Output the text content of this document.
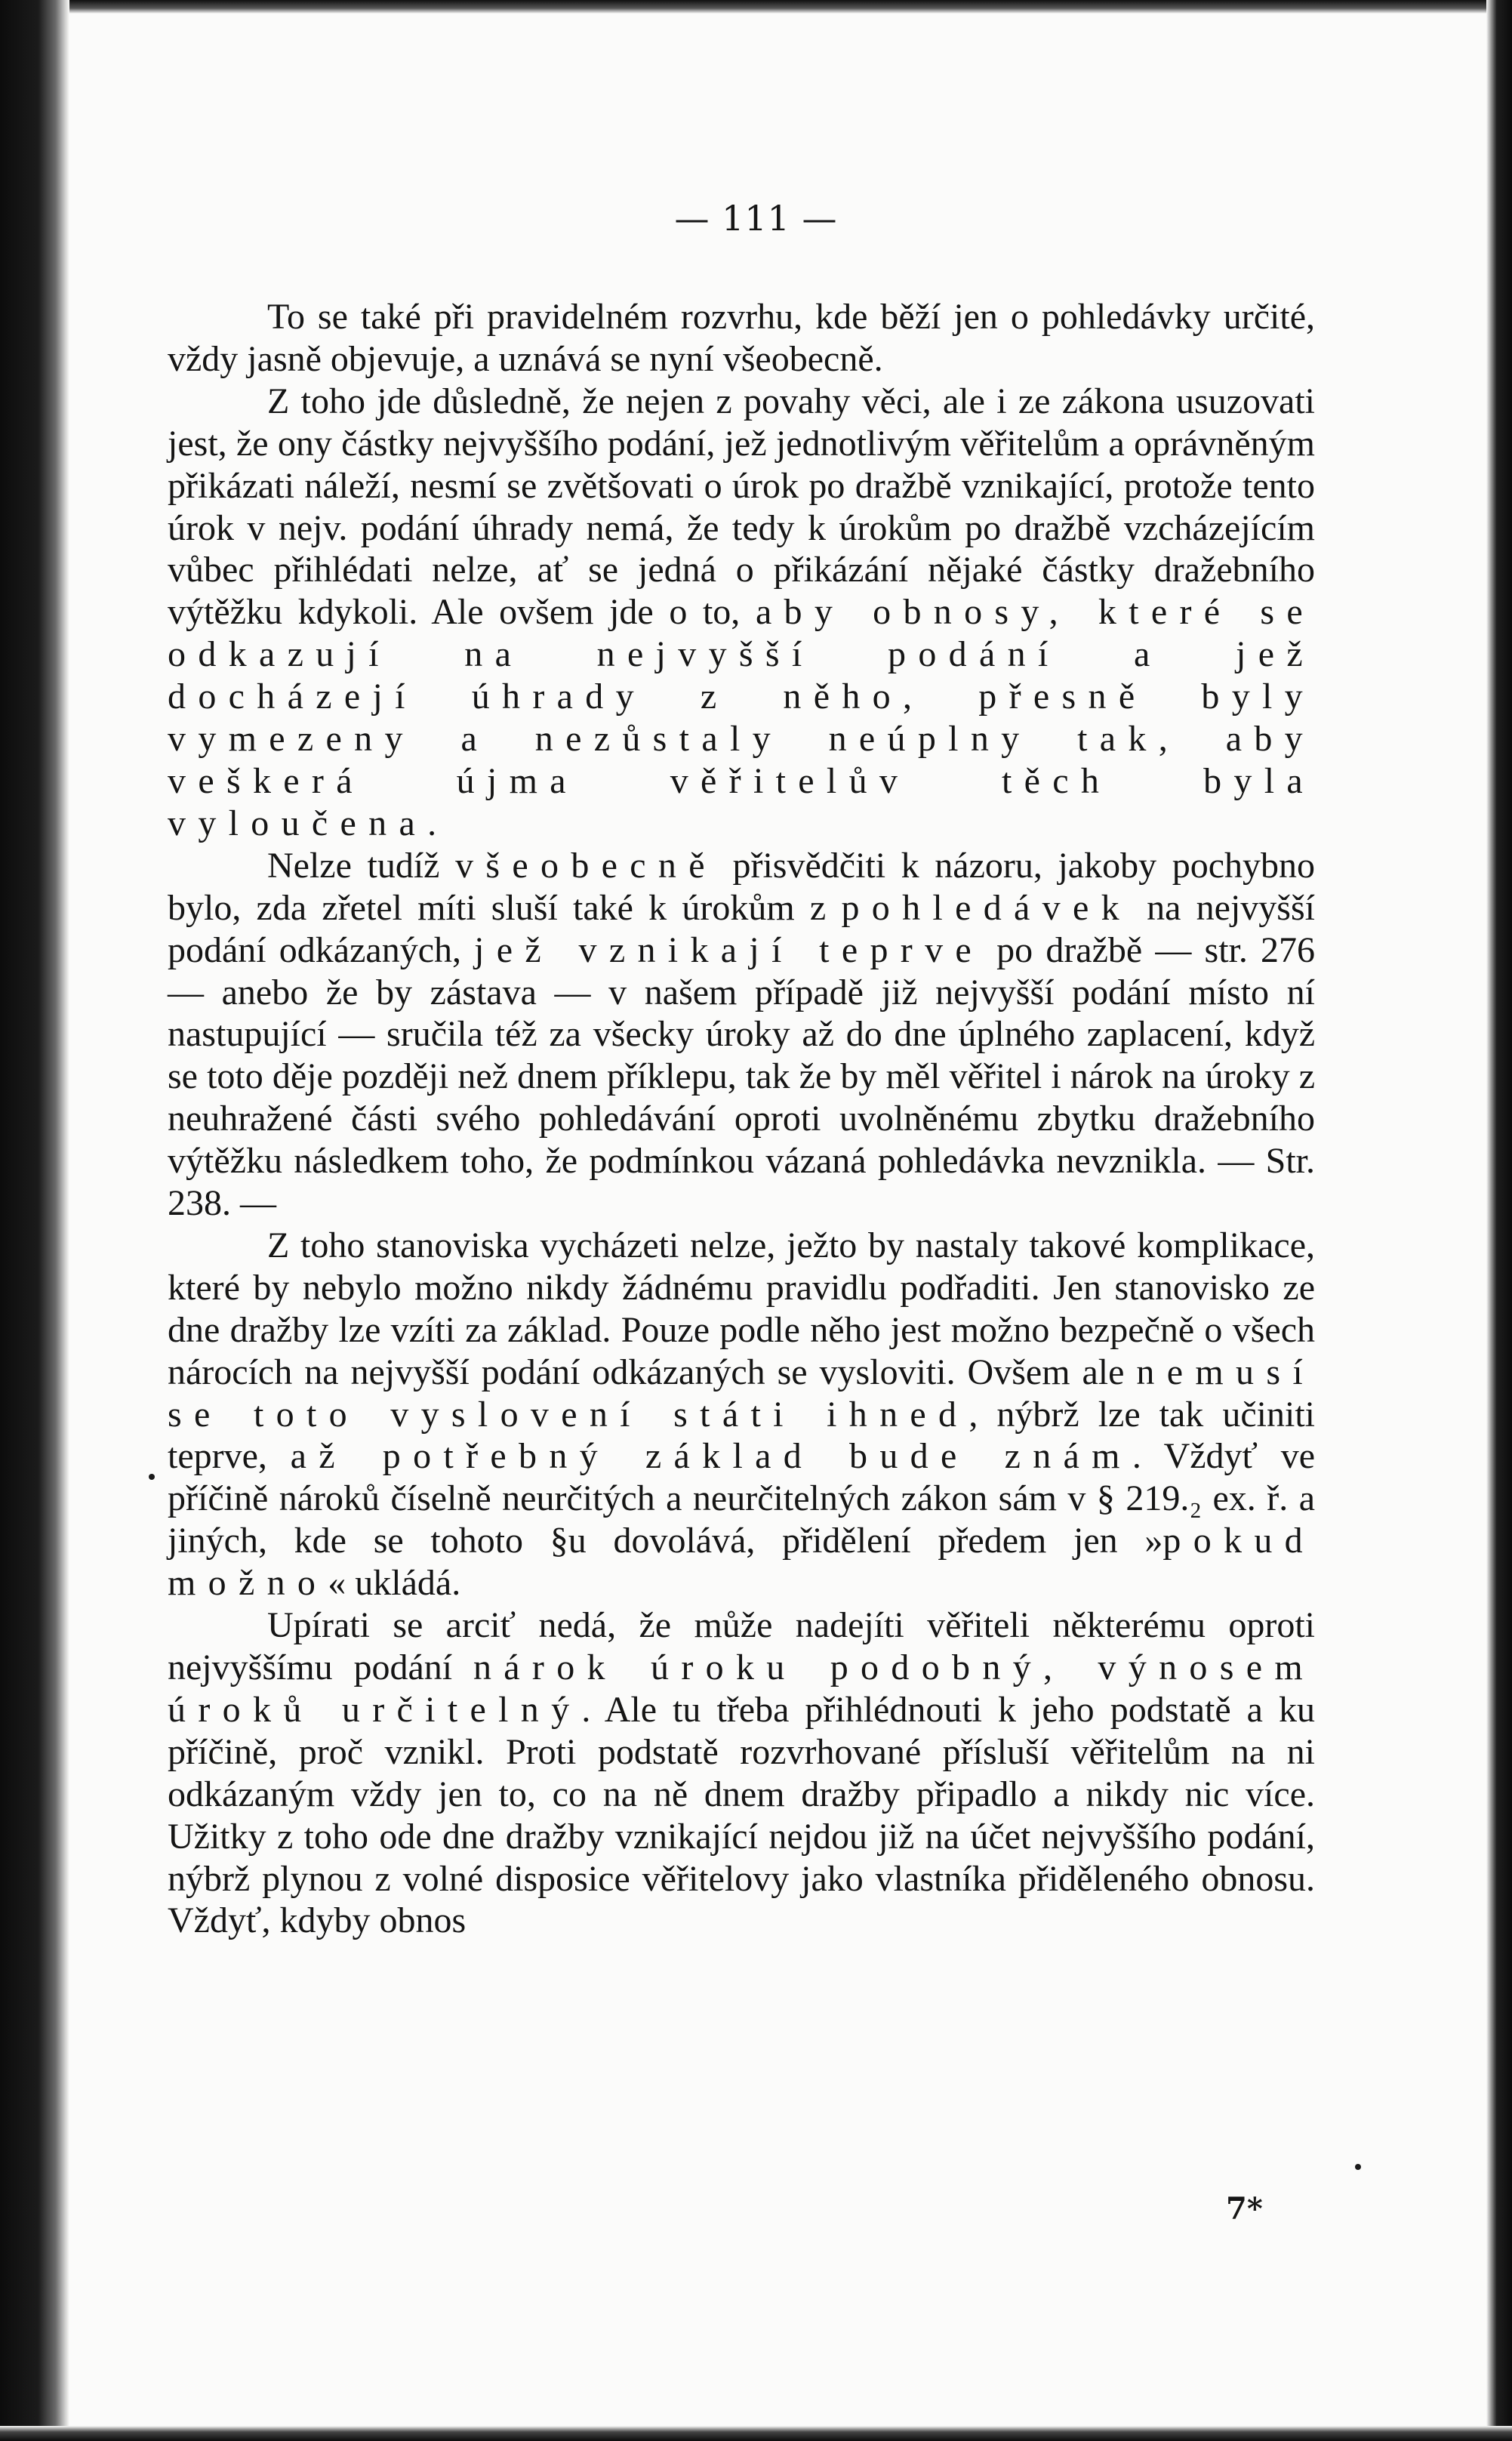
— 111 —

To se také při pravidelném rozvrhu, kde běží jen o pohledávky určité, vždy jasně objevuje, a uznává se nyní všeobecně.

Z toho jde důsledně, že nejen z povahy věci, ale i ze zákona usuzovati jest, že ony částky nejvyššího podání, jež jednotlivým věřitelům a oprávněným přikázati náleží, nesmí se zvětšovati o úrok po dražbě vznikající, protože tento úrok v nejv. podání úhrady nemá, že tedy k úrokům po dražbě vzcházejícím vůbec přihlédati nelze, ať se jedná o přikázání nějaké částky dražebního výtěžku kdykoli. Ale ovšem jde o to, aby obnosy, které se odkazují na nejvyšší podání a jež docházejí úhrady z něho, přesně byly vymezeny a nezůstaly neúplny tak, aby veškerá újma věřitelův těch byla vyloučena.

Nelze tudíž všeobecně přisvědčiti k názoru, jakoby pochybno bylo, zda zřetel míti sluší také k úrokům z pohledávek na nejvyšší podání odkázaných, jež vznikají teprve po dražbě — str. 276 — anebo že by zástava — v našem případě již nejvyšší podání místo ní nastupující — sručila též za všecky úroky až do dne úplného zaplacení, když se toto děje později než dnem příklepu, tak že by měl věřitel i nárok na úroky z neuhražené části svého pohledávání oproti uvolněnému zbytku dražebního výtěžku následkem toho, že podmínkou vázaná pohledávka nevznikla. — Str. 238. —

Z toho stanoviska vycházeti nelze, ježto by nastaly takové komplikace, které by nebylo možno nikdy žádnému pravidlu podřaditi. Jen stanovisko ze dne dražby lze vzíti za základ. Pouze podle něho jest možno bezpečně o všech nárocích na nejvyšší podání odkázaných se vysloviti. Ovšem ale nemusí se toto vyslovení státi ihned, nýbrž lze tak učiniti teprve, až potřebný základ bude znám. Vždyť ve příčině nároků číselně neurčitých a neurčitelných zákon sám v § 219.₂ ex. ř. a jiných, kde se tohoto §u dovolává, přidělení předem jen »pokud možno« ukládá.

Upírati se arciť nedá, že může nadejíti věřiteli některému oproti nejvyššímu podání nárok úroku podobný, výnosem úroků určitelný. Ale tu třeba přihlédnouti k jeho podstatě a ku příčině, proč vznikl. Proti podstatě rozvrhované přísluší věřitelům na ni odkázaným vždy jen to, co na ně dnem dražby připadlo a nikdy nic více. Užitky z toho ode dne dražby vznikající nejdou již na účet nejvyššího podání, nýbrž plynou z volné disposice věřitelovy jako vlastníka přiděleného obnosu. Vždyť, kdyby obnos

7*
